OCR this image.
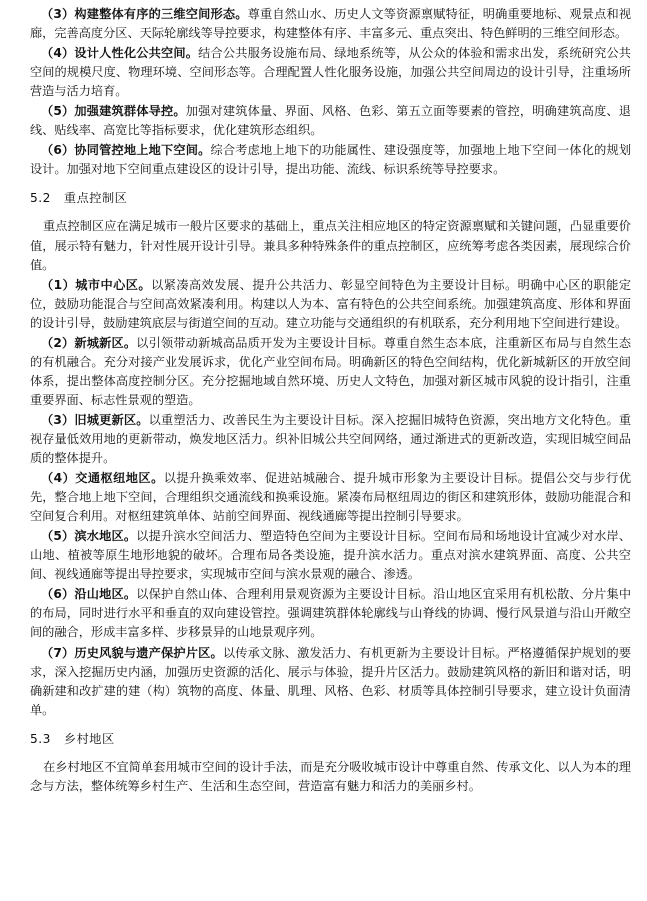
（3）构建整体有序的三维空间形态。尊重自然山水、历史人文等资源禀赋特征，明确重要地标、观景点和视廊，完善高度分区、天际轮廓线等导控要求，构建整体有序、丰富多元、重点突出、特色鲜明的三维空间形态。

（4）设计人性化公共空间。结合公共服务设施布局、绿地系统等，从公众的体验和需求出发，系统研究公共空间的规模尺度、物理环境、空间形态等。合理配置人性化服务设施，加强公共空间周边的设计引导，注重场所营造与活力培育。

（5）加强建筑群体导控。加强对建筑体量、界面、风格、色彩、第五立面等要素的管控，明确建筑高度、退线、贴线率、高宽比等指标要求，优化建筑形态组织。

（6）协同管控地上地下空间。综合考虑地上地下的功能属性、建设强度等，加强地上地下空间一体化的规划设计。加强对地下空间重点建设区的设计引导，提出功能、流线、标识系统等导控要求。

5.2 重点控制区

重点控制区应在满足城市一般片区要求的基础上，重点关注相应地区的特定资源禀赋和关键问题，凸显重要价值，展示特有魅力，针对性展开设计引导。兼具多种特殊条件的重点控制区，应统筹考虑各类因素，展现综合价值。

（1）城市中心区。以紧凑高效发展、提升公共活力、彰显空间特色为主要设计目标。明确中心区的职能定位，鼓励功能混合与空间高效紧凑利用。构建以人为本、富有特色的公共空间系统。加强建筑高度、形体和界面的设计引导，鼓励建筑底层与街道空间的互动。建立功能与交通组织的有机联系，充分利用地下空间进行建设。

（2）新城新区。以引领带动新城高品质开发为主要设计目标。尊重自然生态本底，注重新区布局与自然生态的有机融合。充分对接产业发展诉求，优化产业空间布局。明确新区的特色空间结构，优化新城新区的开放空间体系，提出整体高度控制分区。充分挖掘地域自然环境、历史人文特色，加强对新区城市风貌的设计指引，注重重要界面、标志性景观的塑造。

（3）旧城更新区。以重塑活力、改善民生为主要设计目标。深入挖掘旧城特色资源，突出地方文化特色。重视存量低效用地的更新带动，焕发地区活力。织补旧城公共空间网络，通过渐进式的更新改造，实现旧城空间品质的整体提升。

（4）交通枢纽地区。以提升换乘效率、促进站城融合、提升城市形象为主要设计目标。提倡公交与步行优先，整合地上地下空间，合理组织交通流线和换乘设施。紧凑布局枢纽周边的街区和建筑形体，鼓励功能混合和空间复合利用。对枢纽建筑单体、站前空间界面、视线通廊等提出控制引导要求。

（5）滨水地区。以提升滨水空间活力、塑造特色空间为主要设计目标。空间布局和场地设计宜减少对水岸、山地、植被等原生地形地貌的破坏。合理布局各类设施，提升滨水活力。重点对滨水建筑界面、高度、公共空间、视线通廊等提出导控要求，实现城市空间与滨水景观的融合、渗透。

（6）沿山地区。以保护自然山体、合理利用景观资源为主要设计目标。沿山地区宜采用有机松散、分片集中的布局，同时进行水平和垂直的双向建设管控。强调建筑群体轮廓线与山脊线的协调、慢行风景道与沿山开敞空间的融合，形成丰富多样、步移景异的山地景观序列。

（7）历史风貌与遗产保护片区。以传承文脉、激发活力、有机更新为主要设计目标。严格遵循保护规划的要求，深入挖掘历史内涵，加强历史资源的活化、展示与体验，提升片区活力。鼓励建筑风格的新旧和谐对话，明确新建和改扩建的建（构）筑物的高度、体量、肌理、风格、色彩、材质等具体控制引导要求，建立设计负面清单。

5.3 乡村地区

在乡村地区不宜简单套用城市空间的设计手法，而是充分吸收城市设计中尊重自然、传承文化、以人为本的理念与方法，整体统筹乡村生产、生活和生态空间，营造富有魅力和活力的美丽乡村。
